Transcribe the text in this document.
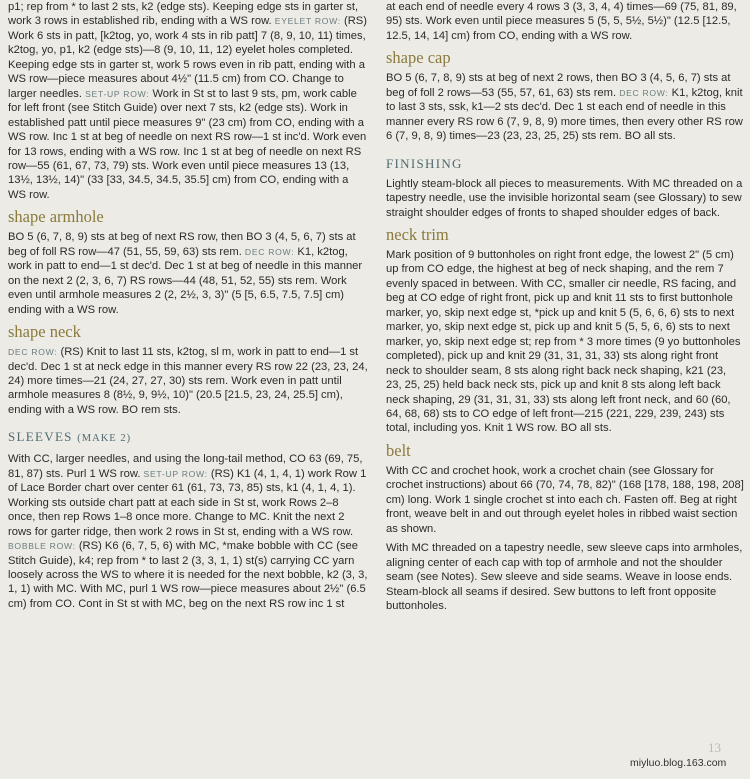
p1; rep from * to last 2 sts, k2 (edge sts). Keeping edge sts in garter st, work 3 rows in established rib, ending with a WS row. EYELET ROW: (RS) Work 6 sts in patt, [k2tog, yo, work 4 sts in rib patt] 7 (8, 9, 10, 11) times, k2tog, yo, p1, k2 (edge sts)—8 (9, 10, 11, 12) eyelet holes completed. Keeping edge sts in garter st, work 5 rows even in rib patt, ending with a WS row—piece measures about 4½" (11.5 cm) from CO. Change to larger needles. SET-UP ROW: Work in St st to last 9 sts, pm, work cable for left front (see Stitch Guide) over next 7 sts, k2 (edge sts). Work in established patt until piece measures 9" (23 cm) from CO, ending with a WS row. Inc 1 st at beg of needle on next RS row—1 st inc'd. Work even for 13 rows, ending with a WS row. Inc 1 st at beg of needle on next RS row—55 (61, 67, 73, 79) sts. Work even until piece measures 13 (13, 13½, 13½, 14)" (33 [33, 34.5, 34.5, 35.5] cm) from CO, ending with a WS row.

shape armhole

BO 5 (6, 7, 8, 9) sts at beg of next RS row, then BO 3 (4, 5, 6, 7) sts at beg of foll RS row—47 (51, 55, 59, 63) sts rem. DEC ROW: K1, k2tog, work in patt to end—1 st dec'd. Dec 1 st at beg of needle in this manner on the next 2 (2, 3, 6, 7) RS rows—44 (48, 51, 52, 55) sts rem. Work even until armhole measures 2 (2, 2½, 3, 3)" (5 [5, 6.5, 7.5, 7.5] cm) ending with a WS row.

shape neck

DEC ROW: (RS) Knit to last 11 sts, k2tog, sl m, work in patt to end—1 st dec'd. Dec 1 st at neck edge in this manner every RS row 22 (23, 23, 24, 24) more times—21 (24, 27, 27, 30) sts rem. Work even in patt until armhole measures 8 (8½, 9, 9½, 10)" (20.5 [21.5, 23, 24, 25.5] cm), ending with a WS row. BO rem sts.

SLEEVES (MAKE 2)

With CC, larger needles, and using the long-tail method, CO 63 (69, 75, 81, 87) sts. Purl 1 WS row. SET-UP ROW: (RS) K1 (4, 1, 4, 1) work Row 1 of Lace Border chart over center 61 (61, 73, 73, 85) sts, k1 (4, 1, 4, 1). Working sts outside chart patt at each side in St st, work Rows 2–8 once, then rep Rows 1–8 once more. Change to MC. Knit the next 2 rows for garter ridge, then work 2 rows in St st, ending with a WS row. BOBBLE ROW: (RS) K6 (6, 7, 5, 6) with MC, *make bobble with CC (see Stitch Guide), k4; rep from * to last 2 (3, 3, 1, 1) st(s) carrying CC yarn loosely across the WS to where it is needed for the next bobble, k2 (3, 3, 1, 1) with MC. With MC, purl 1 WS row—piece measures about 2½" (6.5 cm) from CO. Cont in St st with MC, beg on the next RS row inc 1 st

at each end of needle every 4 rows 3 (3, 3, 4, 4) times—69 (75, 81, 89, 95) sts. Work even until piece measures 5 (5, 5, 5½, 5½)" (12.5 [12.5, 12.5, 14, 14] cm) from CO, ending with a WS row.

shape cap

BO 5 (6, 7, 8, 9) sts at beg of next 2 rows, then BO 3 (4, 5, 6, 7) sts at beg of foll 2 rows—53 (55, 57, 61, 63) sts rem. DEC ROW: K1, k2tog, knit to last 3 sts, ssk, k1—2 sts dec'd. Dec 1 st each end of needle in this manner every RS row 6 (7, 9, 8, 9) more times, then every other RS row 6 (7, 9, 8, 9) times—23 (23, 23, 25, 25) sts rem. BO all sts.

FINISHING

Lightly steam-block all pieces to measurements. With MC threaded on a tapestry needle, use the invisible horizontal seam (see Glossary) to sew straight shoulder edges of fronts to shaped shoulder edges of back.

neck trim

Mark position of 9 buttonholes on right front edge, the lowest 2" (5 cm) up from CO edge, the highest at beg of neck shaping, and the rem 7 evenly spaced in between. With CC, smaller cir needle, RS facing, and beg at CO edge of right front, pick up and knit 11 sts to first buttonhole marker, yo, skip next edge st, *pick up and knit 5 (5, 6, 6, 6) sts to next marker, yo, skip next edge st, pick up and knit 5 (5, 5, 6, 6) sts to next marker, yo, skip next edge st; rep from * 3 more times (9 yo buttonholes completed), pick up and knit 29 (31, 31, 31, 33) sts along right front neck to shoulder seam, 8 sts along right back neck shaping, k21 (23, 23, 25, 25) held back neck sts, pick up and knit 8 sts along left back neck shaping, 29 (31, 31, 31, 33) sts along left front neck, and 60 (60, 64, 68, 68) sts to CO edge of left front—215 (221, 229, 239, 243) sts total, including yos. Knit 1 WS row. BO all sts.

belt

With CC and crochet hook, work a crochet chain (see Glossary for crochet instructions) about 66 (70, 74, 78, 82)" (168 [178, 188, 198, 208] cm) long. Work 1 single crochet st into each ch. Fasten off. Beg at right front, weave belt in and out through eyelet holes in ribbed waist section as shown.

With MC threaded on a tapestry needle, sew sleeve caps into armholes, aligning center of each cap with top of armhole and not the shoulder seam (see Notes). Sew sleeve and side seams. Weave in loose ends. Steam-block all seams if desired. Sew buttons to left front opposite buttonholes.

13
miyluo.blog.163.com
